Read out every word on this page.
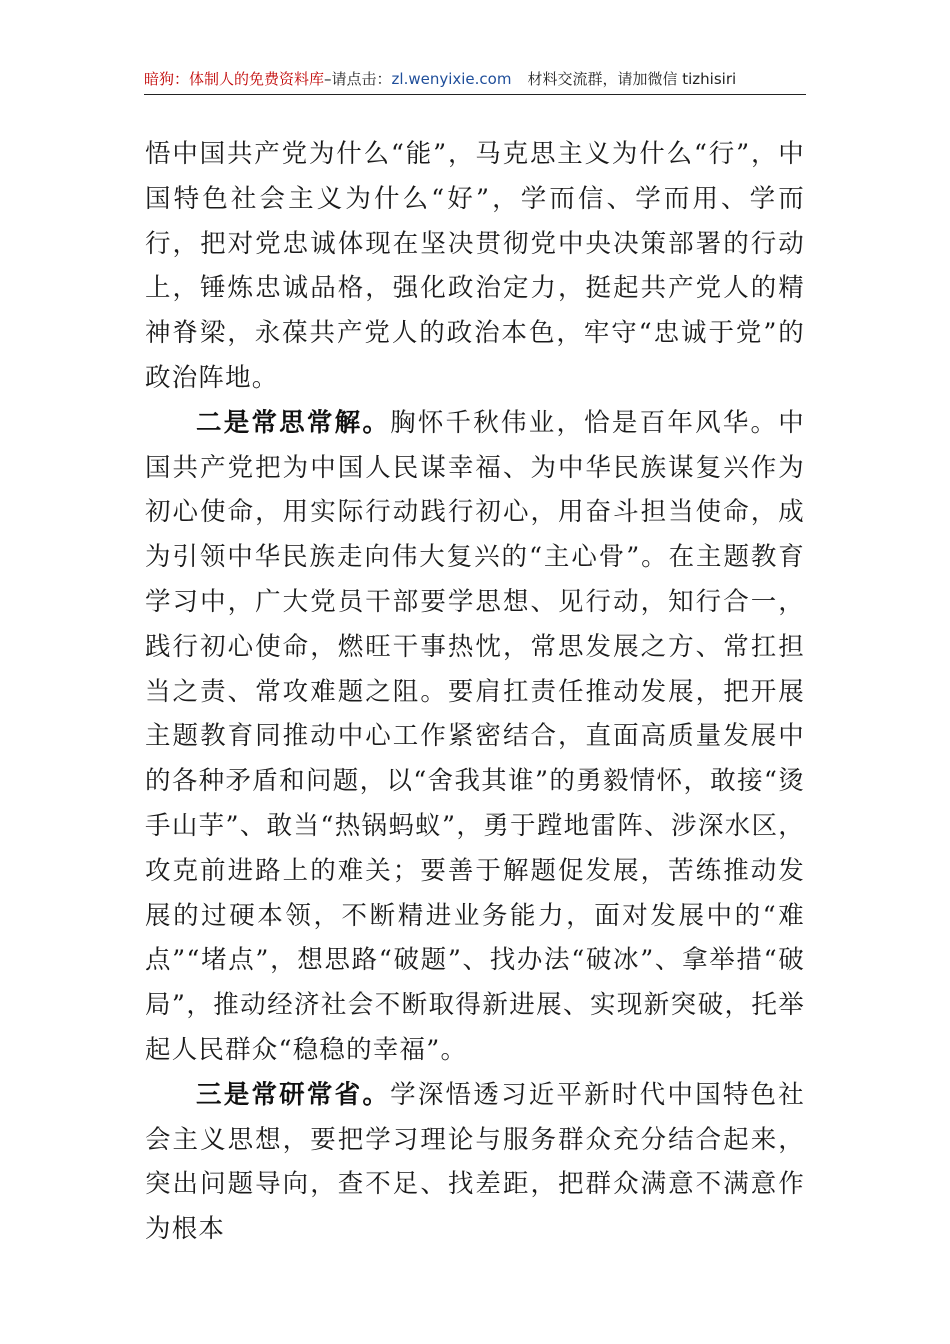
暗狗：体制人的免费资料库–请点击：zl.wenyixie.com 材料交流群，请加微信 tizhisiri

悟中国共产党为什么“能”，马克思主义为什么“行”，中国特色社会主义为什么“好”，学而信、学而用、学而行，把对党忠诚体现在坚决贯彻党中央决策部署的行动上，锤炼忠诚品格，强化政治定力，挺起共产党人的精神脊梁，永葆共产党人的政治本色，牢守“忠诚于党”的政治阵地。

二是常思常解。胸怀千秋伟业，恰是百年风华。中国共产党把为中国人民谋幸福、为中华民族谋复兴作为初心使命，用实际行动践行初心，用奋斗担当使命，成为引领中华民族走向伟大复兴的“主心骨”。在主题教育学习中，广大党员干部要学思想、见行动，知行合一，践行初心使命，燃旺干事热忱，常思发展之方、常扛担当之责、常攻难题之阻。要肩扛责任推动发展，把开展主题教育同推动中心工作紧密结合，直面高质量发展中的各种矛盾和问题，以“舍我其谁”的勇毅情怀，敢接“烫手山芋”、敢当“热锅蚂蚁”，勇于蹚地雷阵、涉深水区，攻克前进路上的难关；要善于解题促发展，苦练推动发展的过硬本领，不断精进业务能力，面对发展中的“难点”“堵点”，想思路“破题”、找办法“破冰”、拿举措“破局”，推动经济社会不断取得新进展、实现新突破，托举起人民群众“稳稳的幸福”。

三是常研常省。学深悟透习近平新时代中国特色社会主义思想，要把学习理论与服务群众充分结合起来，突出问题导向，查不足、找差距，把群众满意不满意作为根本
